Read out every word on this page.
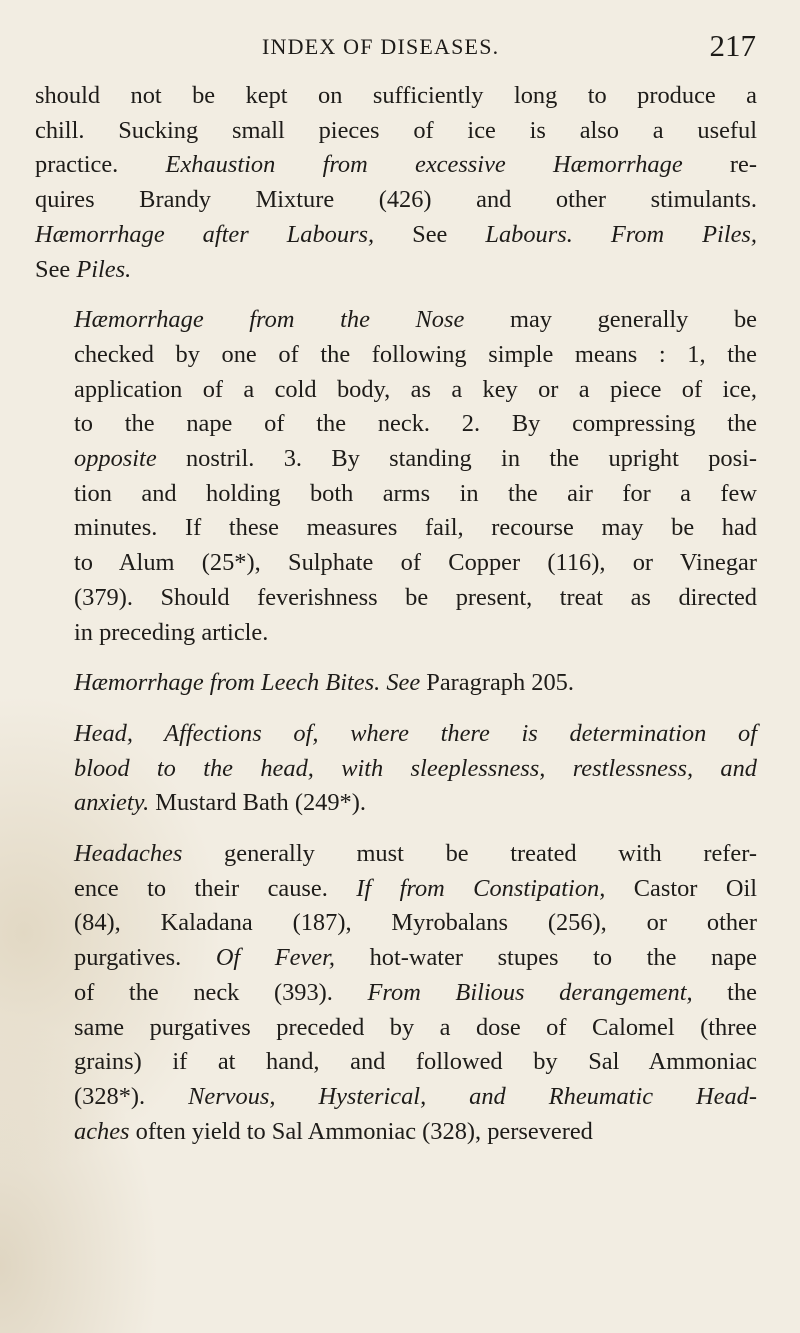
INDEX OF DISEASES.	217
should not be kept on sufficiently long to produce a
chill. Sucking small pieces of ice is also a useful
practice. Exhaustion from excessive Hæmorrhage re-
quires Brandy Mixture (426) and other stimulants.
Hæmorrhage after Labours, See Labours. From Piles,
See Piles.
Hæmorrhage from the Nose may generally be
checked by one of the following simple means : 1, the
application of a cold body, as a key or a piece of ice,
to the nape of the neck. 2. By compressing the
opposite nostril. 3. By standing in the upright posi-
tion and holding both arms in the air for a few
minutes. If these measures fail, recourse may be had
to Alum (25*), Sulphate of Copper (116), or Vinegar
(379). Should feverishness be present, treat as directed
in preceding article.
Hæmorrhage from Leech Bites. See Paragraph 205.
Head, Affections of, where there is determination of
blood to the head, with sleeplessness, restlessness, and
anxiety. Mustard Bath (249*).
Headaches generally must be treated with refer-
ence to their cause. If from Constipation, Castor Oil
(84), Kaladana (187), Myrobalans (256), or other
purgatives. Of Fever, hot-water stupes to the nape
of the neck (393). From Bilious derangement, the
same purgatives preceded by a dose of Calomel (three
grains) if at hand, and followed by Sal Ammoniac
(328*). Nervous, Hysterical, and Rheumatic Head-
aches often yield to Sal Ammoniac (328), persevered
